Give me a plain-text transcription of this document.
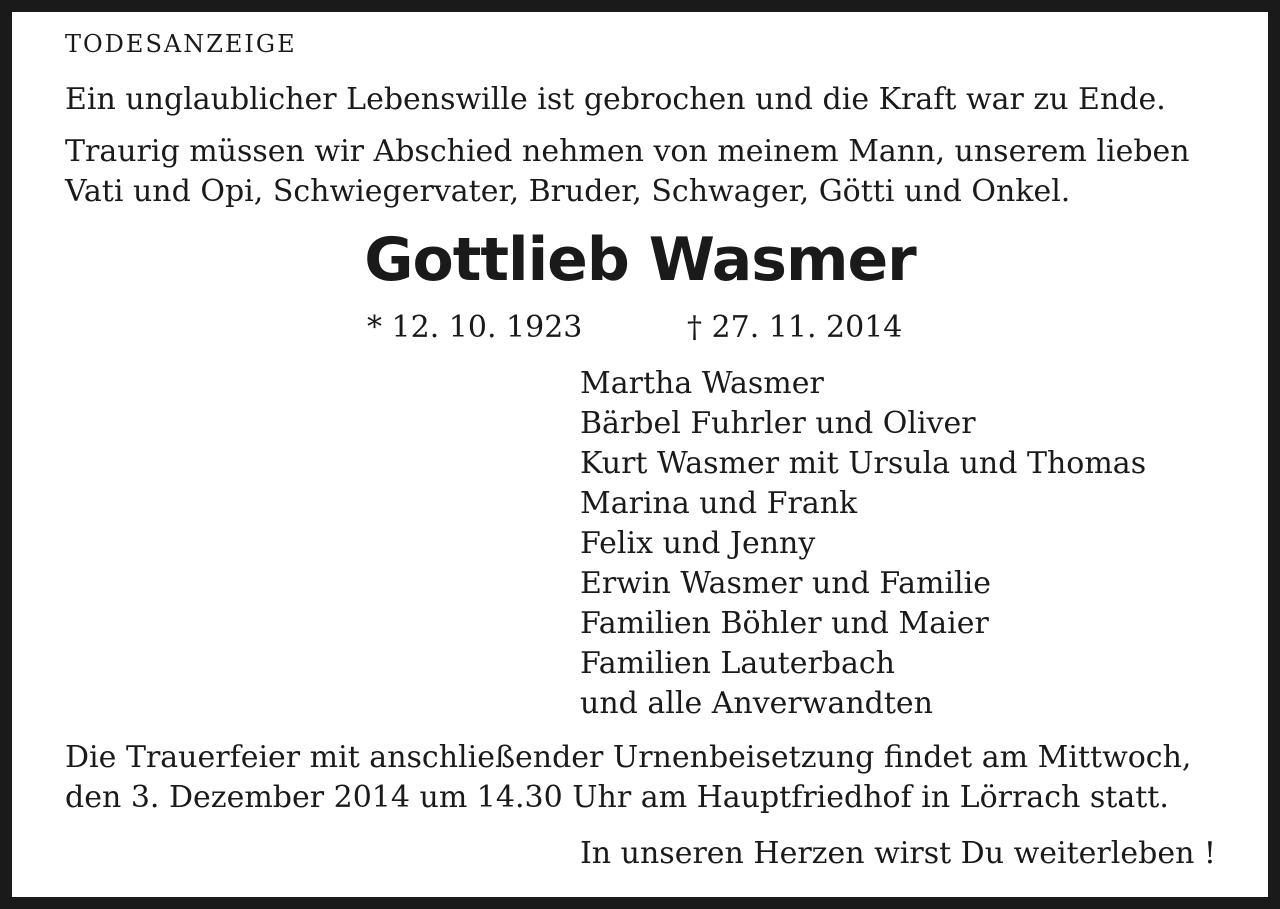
TODESANZEIGE
Ein unglaublicher Lebenswille ist gebrochen und die Kraft war zu Ende.
Traurig müssen wir Abschied nehmen von meinem Mann, unserem lieben
Vati und Opi, Schwiegervater, Bruder, Schwager, Götti und Onkel.
Gottlieb Wasmer
* 12. 10. 1923	† 27. 11. 2014
Martha Wasmer
Bärbel Fuhrler und Oliver
Kurt Wasmer mit Ursula und Thomas
Marina und Frank
Felix und Jenny
Erwin Wasmer und Familie
Familien Böhler und Maier
Familien Lauterbach
und alle Anverwandten
Die Trauerfeier mit anschließender Urnenbeisetzung findet am Mittwoch,
den 3. Dezember 2014 um 14.30 Uhr am Hauptfriedhof in Lörrach statt.
In unseren Herzen wirst Du weiterleben !
